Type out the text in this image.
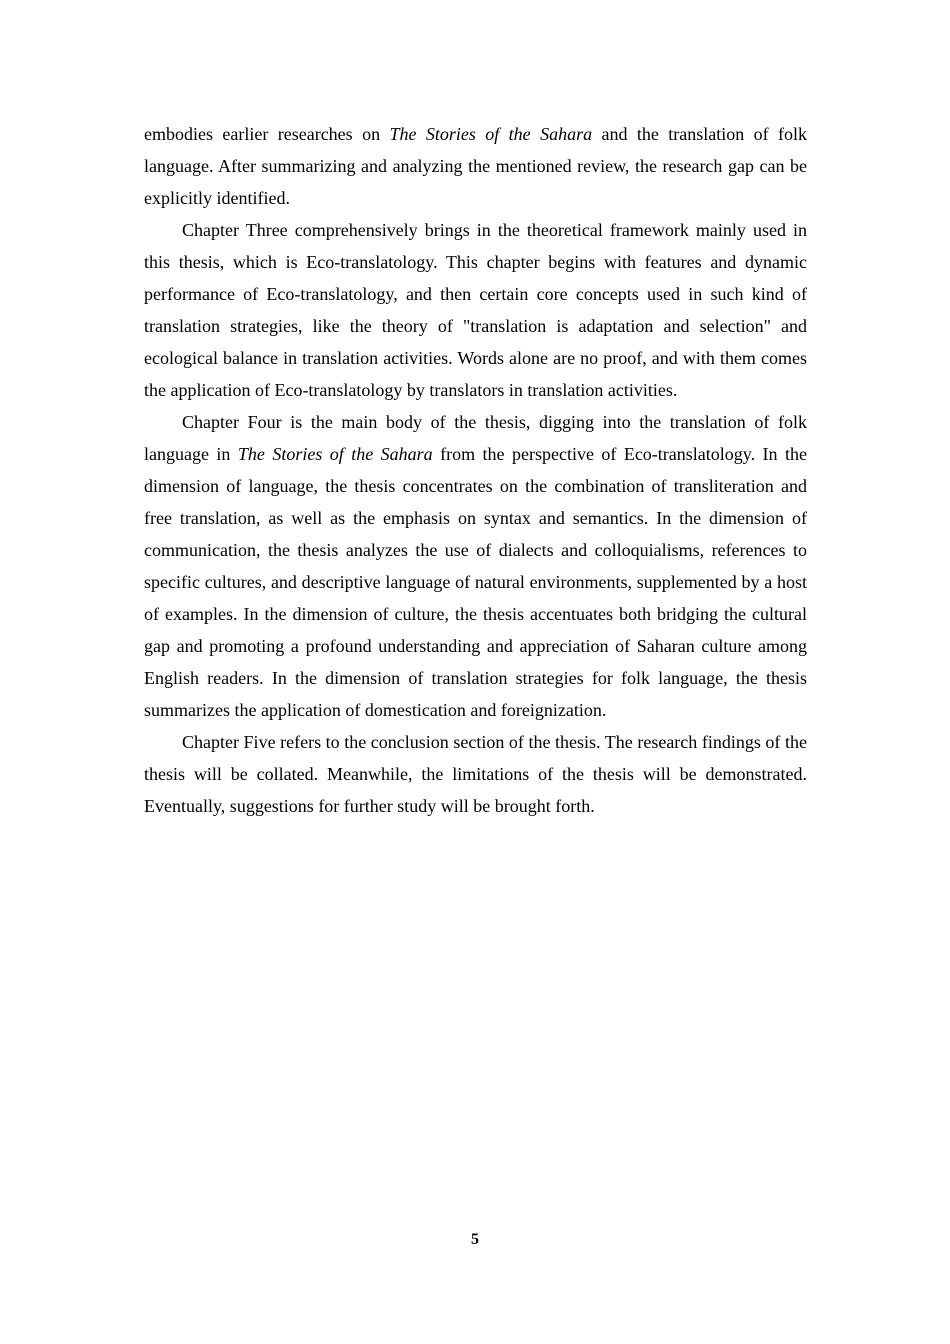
embodies earlier researches on The Stories of the Sahara and the translation of folk language. After summarizing and analyzing the mentioned review, the research gap can be explicitly identified.

Chapter Three comprehensively brings in the theoretical framework mainly used in this thesis, which is Eco-translatology. This chapter begins with features and dynamic performance of Eco-translatology, and then certain core concepts used in such kind of translation strategies, like the theory of "translation is adaptation and selection" and ecological balance in translation activities. Words alone are no proof, and with them comes the application of Eco-translatology by translators in translation activities.

Chapter Four is the main body of the thesis, digging into the translation of folk language in The Stories of the Sahara from the perspective of Eco-translatology. In the dimension of language, the thesis concentrates on the combination of transliteration and free translation, as well as the emphasis on syntax and semantics. In the dimension of communication, the thesis analyzes the use of dialects and colloquialisms, references to specific cultures, and descriptive language of natural environments, supplemented by a host of examples. In the dimension of culture, the thesis accentuates both bridging the cultural gap and promoting a profound understanding and appreciation of Saharan culture among English readers. In the dimension of translation strategies for folk language, the thesis summarizes the application of domestication and foreignization.

Chapter Five refers to the conclusion section of the thesis. The research findings of the thesis will be collated. Meanwhile, the limitations of the thesis will be demonstrated. Eventually, suggestions for further study will be brought forth.

5
